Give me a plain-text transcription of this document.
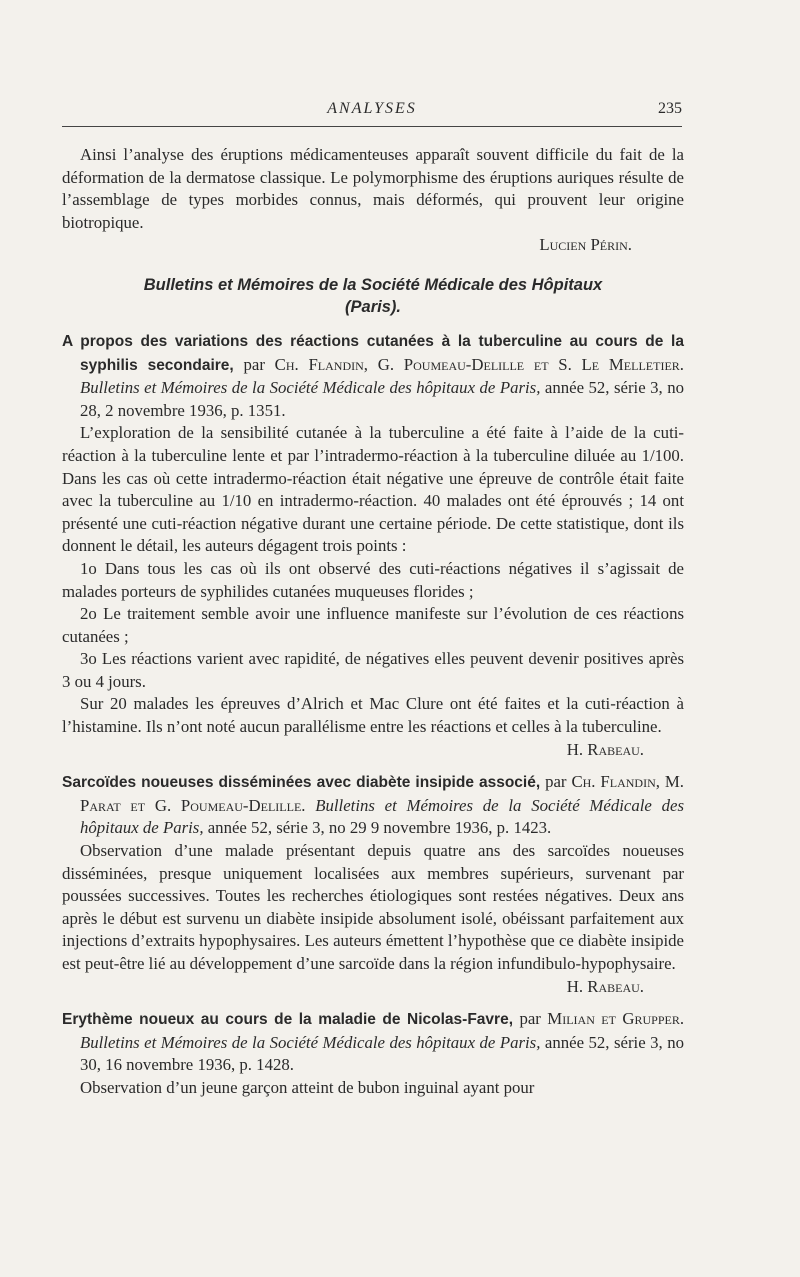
ANALYSES	235

Ainsi l’analyse des éruptions médicamenteuses apparaît souvent difficile du fait de la déformation de la dermatose classique. Le polymorphisme des éruptions auriques résulte de l’assemblage de types morbides connus, mais déformés, qui prouvent leur origine biotropique.

Lucien Périn.

Bulletins et Mémoires de la Société Médicale des Hôpitaux
(Paris).

A propos des variations des réactions cutanées à la tuberculine au cours de la syphilis secondaire, par Ch. Flandin, G. Poumeau-Delille et S. Le Melletier. Bulletins et Mémoires de la Société Médicale des hôpitaux de Paris, année 52, série 3, no 28, 2 novembre 1936, p. 1351.

L’exploration de la sensibilité cutanée à la tuberculine a été faite à l’aide de la cuti-réaction à la tuberculine lente et par l’intradermo-réaction à la tuberculine diluée au 1/100. Dans les cas où cette intradermo-réaction était négative une épreuve de contrôle était faite avec la tuberculine au 1/10 en intradermo-réaction. 40 malades ont été éprouvés ; 14 ont présenté une cuti-réaction négative durant une certaine période. De cette statistique, dont ils donnent le détail, les auteurs dégagent trois points :

1o Dans tous les cas où ils ont observé des cuti-réactions négatives il s’agissait de malades porteurs de syphilides cutanées muqueuses florides ;

2o Le traitement semble avoir une influence manifeste sur l’évolution de ces réactions cutanées ;

3o Les réactions varient avec rapidité, de négatives elles peuvent devenir positives après 3 ou 4 jours.

Sur 20 malades les épreuves d’Alrich et Mac Clure ont été faites et la cuti-réaction à l’histamine. Ils n’ont noté aucun parallélisme entre les réactions et celles à la tuberculine.

H. Rabeau.

Sarcoïdes noueuses disséminées avec diabète insipide associé, par Ch. Flandin, M. Parat et G. Poumeau-Delille. Bulletins et Mémoires de la Société Médicale des hôpitaux de Paris, année 52, série 3, no 29 9 novembre 1936, p. 1423.

Observation d’une malade présentant depuis quatre ans des sarcoïdes noueuses disséminées, presque uniquement localisées aux membres supérieurs, survenant par poussées successives. Toutes les recherches étiologiques sont restées négatives. Deux ans après le début est survenu un diabète insipide absolument isolé, obéissant parfaitement aux injections d’extraits hypophysaires. Les auteurs émettent l’hypothèse que ce diabète insipide est peut-être lié au développement d’une sarcoïde dans la région infundibulo-hypophysaire.

H. Rabeau.

Erythème noueux au cours de la maladie de Nicolas-Favre, par Milian et Grupper. Bulletins et Mémoires de la Société Médicale des hôpitaux de Paris, année 52, série 3, no 30, 16 novembre 1936, p. 1428.

Observation d’un jeune garçon atteint de bubon inguinal ayant pour
